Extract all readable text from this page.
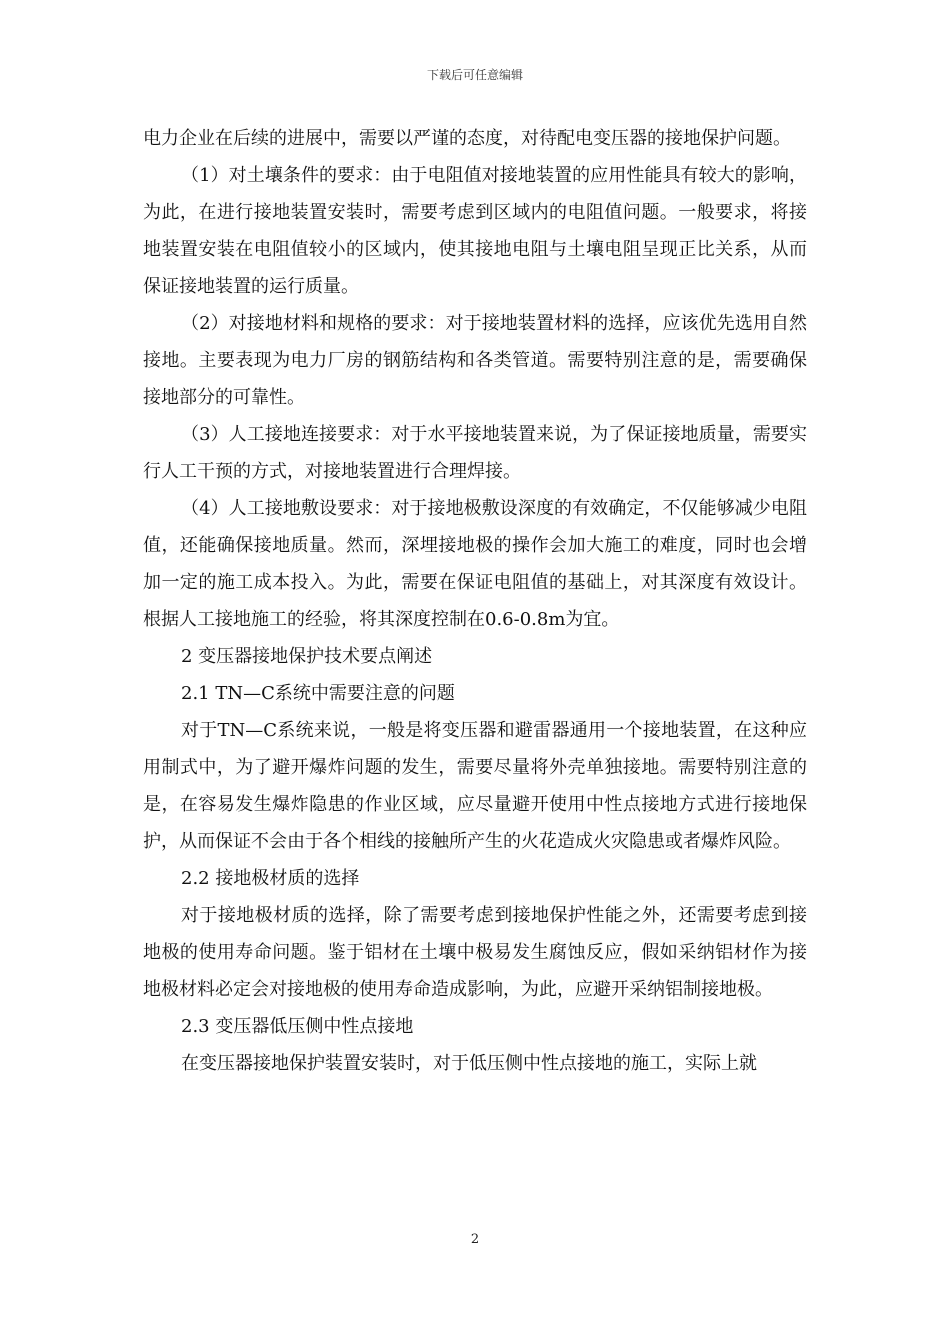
下载后可任意编辑

电力企业在后续的进展中，需要以严谨的态度，对待配电变压器的接地保护问题。

（1）对土壤条件的要求：由于电阻值对接地装置的应用性能具有较大的影响，为此，在进行接地装置安装时，需要考虑到区域内的电阻值问题。一般要求，将接地装置安装在电阻值较小的区域内，使其接地电阻与土壤电阻呈现正比关系，从而保证接地装置的运行质量。

（2）对接地材料和规格的要求：对于接地装置材料的选择，应该优先选用自然接地。主要表现为电力厂房的钢筋结构和各类管道。需要特别注意的是，需要确保接地部分的可靠性。

（3）人工接地连接要求：对于水平接地装置来说，为了保证接地质量，需要实行人工干预的方式，对接地装置进行合理焊接。

（4）人工接地敷设要求：对于接地极敷设深度的有效确定，不仅能够减少电阻值，还能确保接地质量。然而，深埋接地极的操作会加大施工的难度，同时也会增加一定的施工成本投入。为此，需要在保证电阻值的基础上，对其深度有效设计。根据人工接地施工的经验，将其深度控制在0.6-0.8m为宜。

2 变压器接地保护技术要点阐述

2.1 TN—C系统中需要注意的问题

对于TN—C系统来说，一般是将变压器和避雷器通用一个接地装置，在这种应用制式中，为了避开爆炸问题的发生，需要尽量将外壳单独接地。需要特别注意的是，在容易发生爆炸隐患的作业区域，应尽量避开使用中性点接地方式进行接地保护，从而保证不会由于各个相线的接触所产生的火花造成火灾隐患或者爆炸风险。

2.2 接地极材质的选择

对于接地极材质的选择，除了需要考虑到接地保护性能之外，还需要考虑到接地极的使用寿命问题。鉴于铝材在土壤中极易发生腐蚀反应，假如采纳铝材作为接地极材料必定会对接地极的使用寿命造成影响，为此，应避开采纳铝制接地极。

2.3 变压器低压侧中性点接地

在变压器接地保护装置安装时，对于低压侧中性点接地的施工，实际上就

2
